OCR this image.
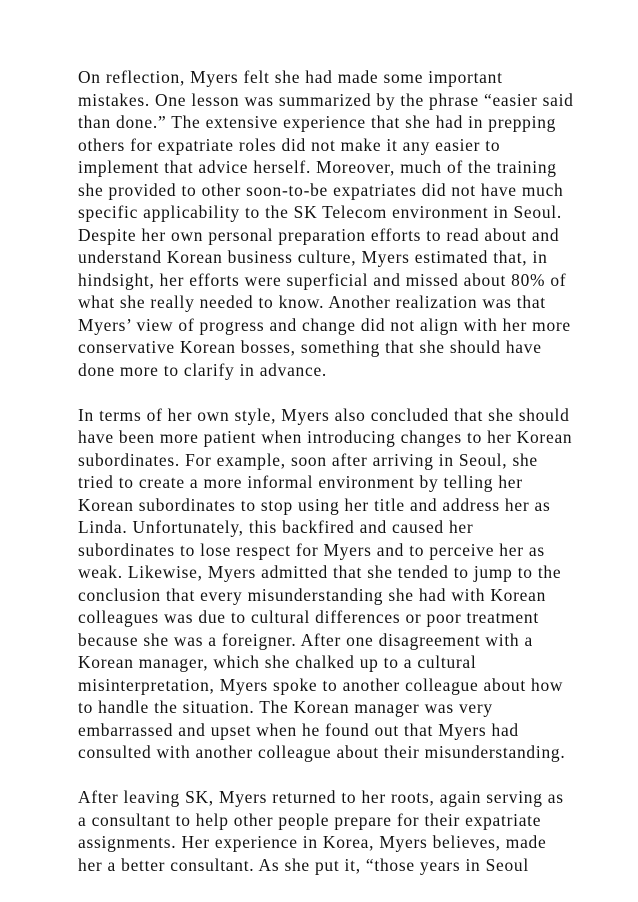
On reflection, Myers felt she had made some important
mistakes. One lesson was summarized by the phrase “easier said
than done.” The extensive experience that she had in prepping
others for expatriate roles did not make it any easier to
implement that advice herself. Moreover, much of the training
she provided to other soon-to-be expatriates did not have much
specific applicability to the SK Telecom environment in Seoul.
Despite her own personal preparation efforts to read about and
understand Korean business culture, Myers estimated that, in
hindsight, her efforts were superficial and missed about 80% of
what she really needed to know. Another realization was that
Myers’ view of progress and change did not align with her more
conservative Korean bosses, something that she should have
done more to clarify in advance.

In terms of her own style, Myers also concluded that she should
have been more patient when introducing changes to her Korean
subordinates. For example, soon after arriving in Seoul, she
tried to create a more informal environment by telling her
Korean subordinates to stop using her title and address her as
Linda. Unfortunately, this backfired and caused her
subordinates to lose respect for Myers and to perceive her as
weak. Likewise, Myers admitted that she tended to jump to the
conclusion that every misunderstanding she had with Korean
colleagues was due to cultural differences or poor treatment
because she was a foreigner. After one disagreement with a
Korean manager, which she chalked up to a cultural
misinterpretation, Myers spoke to another colleague about how
to handle the situation. The Korean manager was very
embarrassed and upset when he found out that Myers had
consulted with another colleague about their misunderstanding.

After leaving SK, Myers returned to her roots, again serving as
a consultant to help other people prepare for their expatriate
assignments. Her experience in Korea, Myers believes, made
her a better consultant. As she put it, “those years in Seoul
